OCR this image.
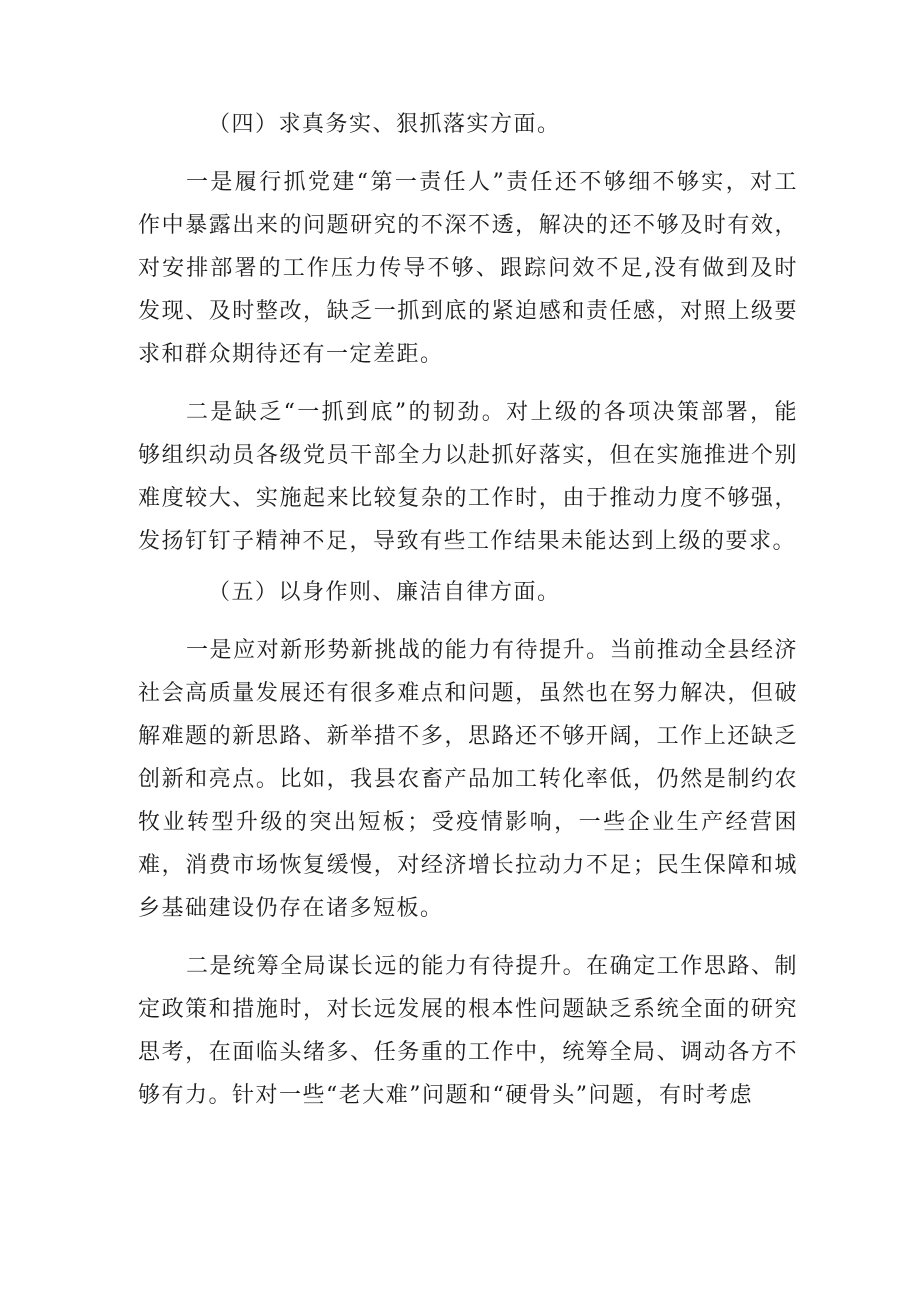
（四）求真务实、狠抓落实方面。

一是履行抓党建“第一责任人”责任还不够细不够实，对工作中暴露出来的问题研究的不深不透，解决的还不够及时有效，对安排部署的工作压力传导不够、跟踪问效不足,没有做到及时发现、及时整改，缺乏一抓到底的紧迫感和责任感，对照上级要求和群众期待还有一定差距。

二是缺乏“一抓到底”的韧劲。对上级的各项决策部署，能够组织动员各级党员干部全力以赴抓好落实，但在实施推进个别难度较大、实施起来比较复杂的工作时，由于推动力度不够强，发扬钉钉子精神不足，导致有些工作结果未能达到上级的要求。

（五）以身作则、廉洁自律方面。

一是应对新形势新挑战的能力有待提升。当前推动全县经济社会高质量发展还有很多难点和问题，虽然也在努力解决，但破解难题的新思路、新举措不多，思路还不够开阔，工作上还缺乏创新和亮点。比如，我县农畜产品加工转化率低，仍然是制约农牧业转型升级的突出短板；受疫情影响，一些企业生产经营困难，消费市场恢复缓慢，对经济增长拉动力不足；民生保障和城乡基础建设仍存在诸多短板。

二是统筹全局谋长远的能力有待提升。在确定工作思路、制定政策和措施时，对长远发展的根本性问题缺乏系统全面的研究思考，在面临头绪多、任务重的工作中，统筹全局、调动各方不够有力。针对一些“老大难”问题和“硬骨头”问题，有时考虑
